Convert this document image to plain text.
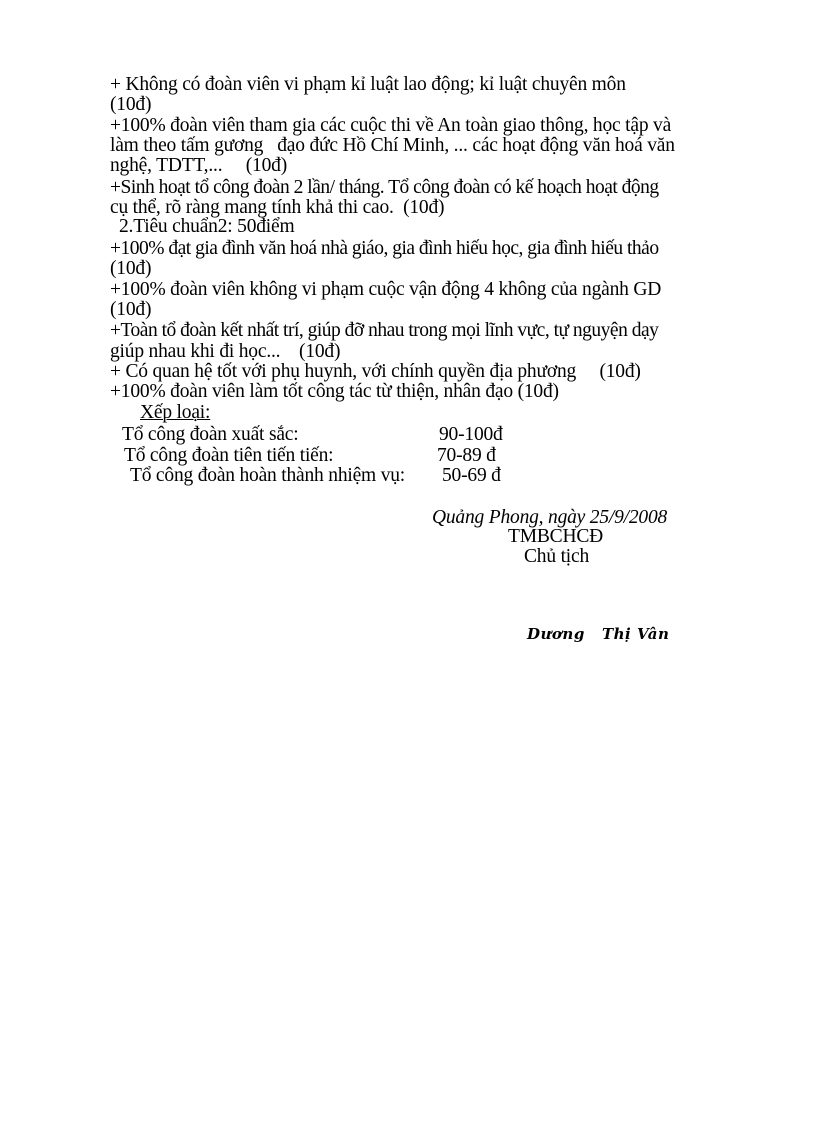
+ Không có đoàn viên vi phạm kỉ luật lao động; kỉ luật chuyên môn
(10đ)
+100% đoàn viên tham gia các cuộc thi về An toàn giao thông, học tập và
làm theo tấm gương   đạo đức Hồ Chí Minh, ... các hoạt động văn hoá văn
nghệ, TDTT,...     (10đ)
+Sinh hoạt tổ công đoàn 2 lần/ tháng. Tổ công đoàn có kế hoạch hoạt động
cụ thể, rõ ràng mang tính khả thi cao.  (10đ)
2.Tiêu chuẩn2: 50điểm
+100% đạt gia đình văn hoá nhà giáo, gia đình hiếu học, gia đình hiếu thảo
(10đ)
+100% đoàn viên không vi phạm cuộc vận động 4 không của ngành GD
(10đ)
+Toàn tổ đoàn kết nhất trí, giúp đỡ nhau trong mọi lĩnh vực, tự nguyện dạy
giúp nhau khi đi học...    (10đ)
+ Có quan hệ tốt với phụ huynh, với chính quyền địa phương     (10đ)
+100% đoàn viên làm tốt công tác từ thiện, nhân đạo (10đ)
Xếp loại:
Tổ công đoàn xuất sắc:	90-100đ
Tổ công đoàn tiên tiến tiến:	70-89 đ
Tổ công đoàn hoàn thành nhiệm vụ: 50-69 đ
Quảng Phong, ngày 25/9/2008
TMBCHCĐ
Chủ tịch
Dương   Thị Vân
